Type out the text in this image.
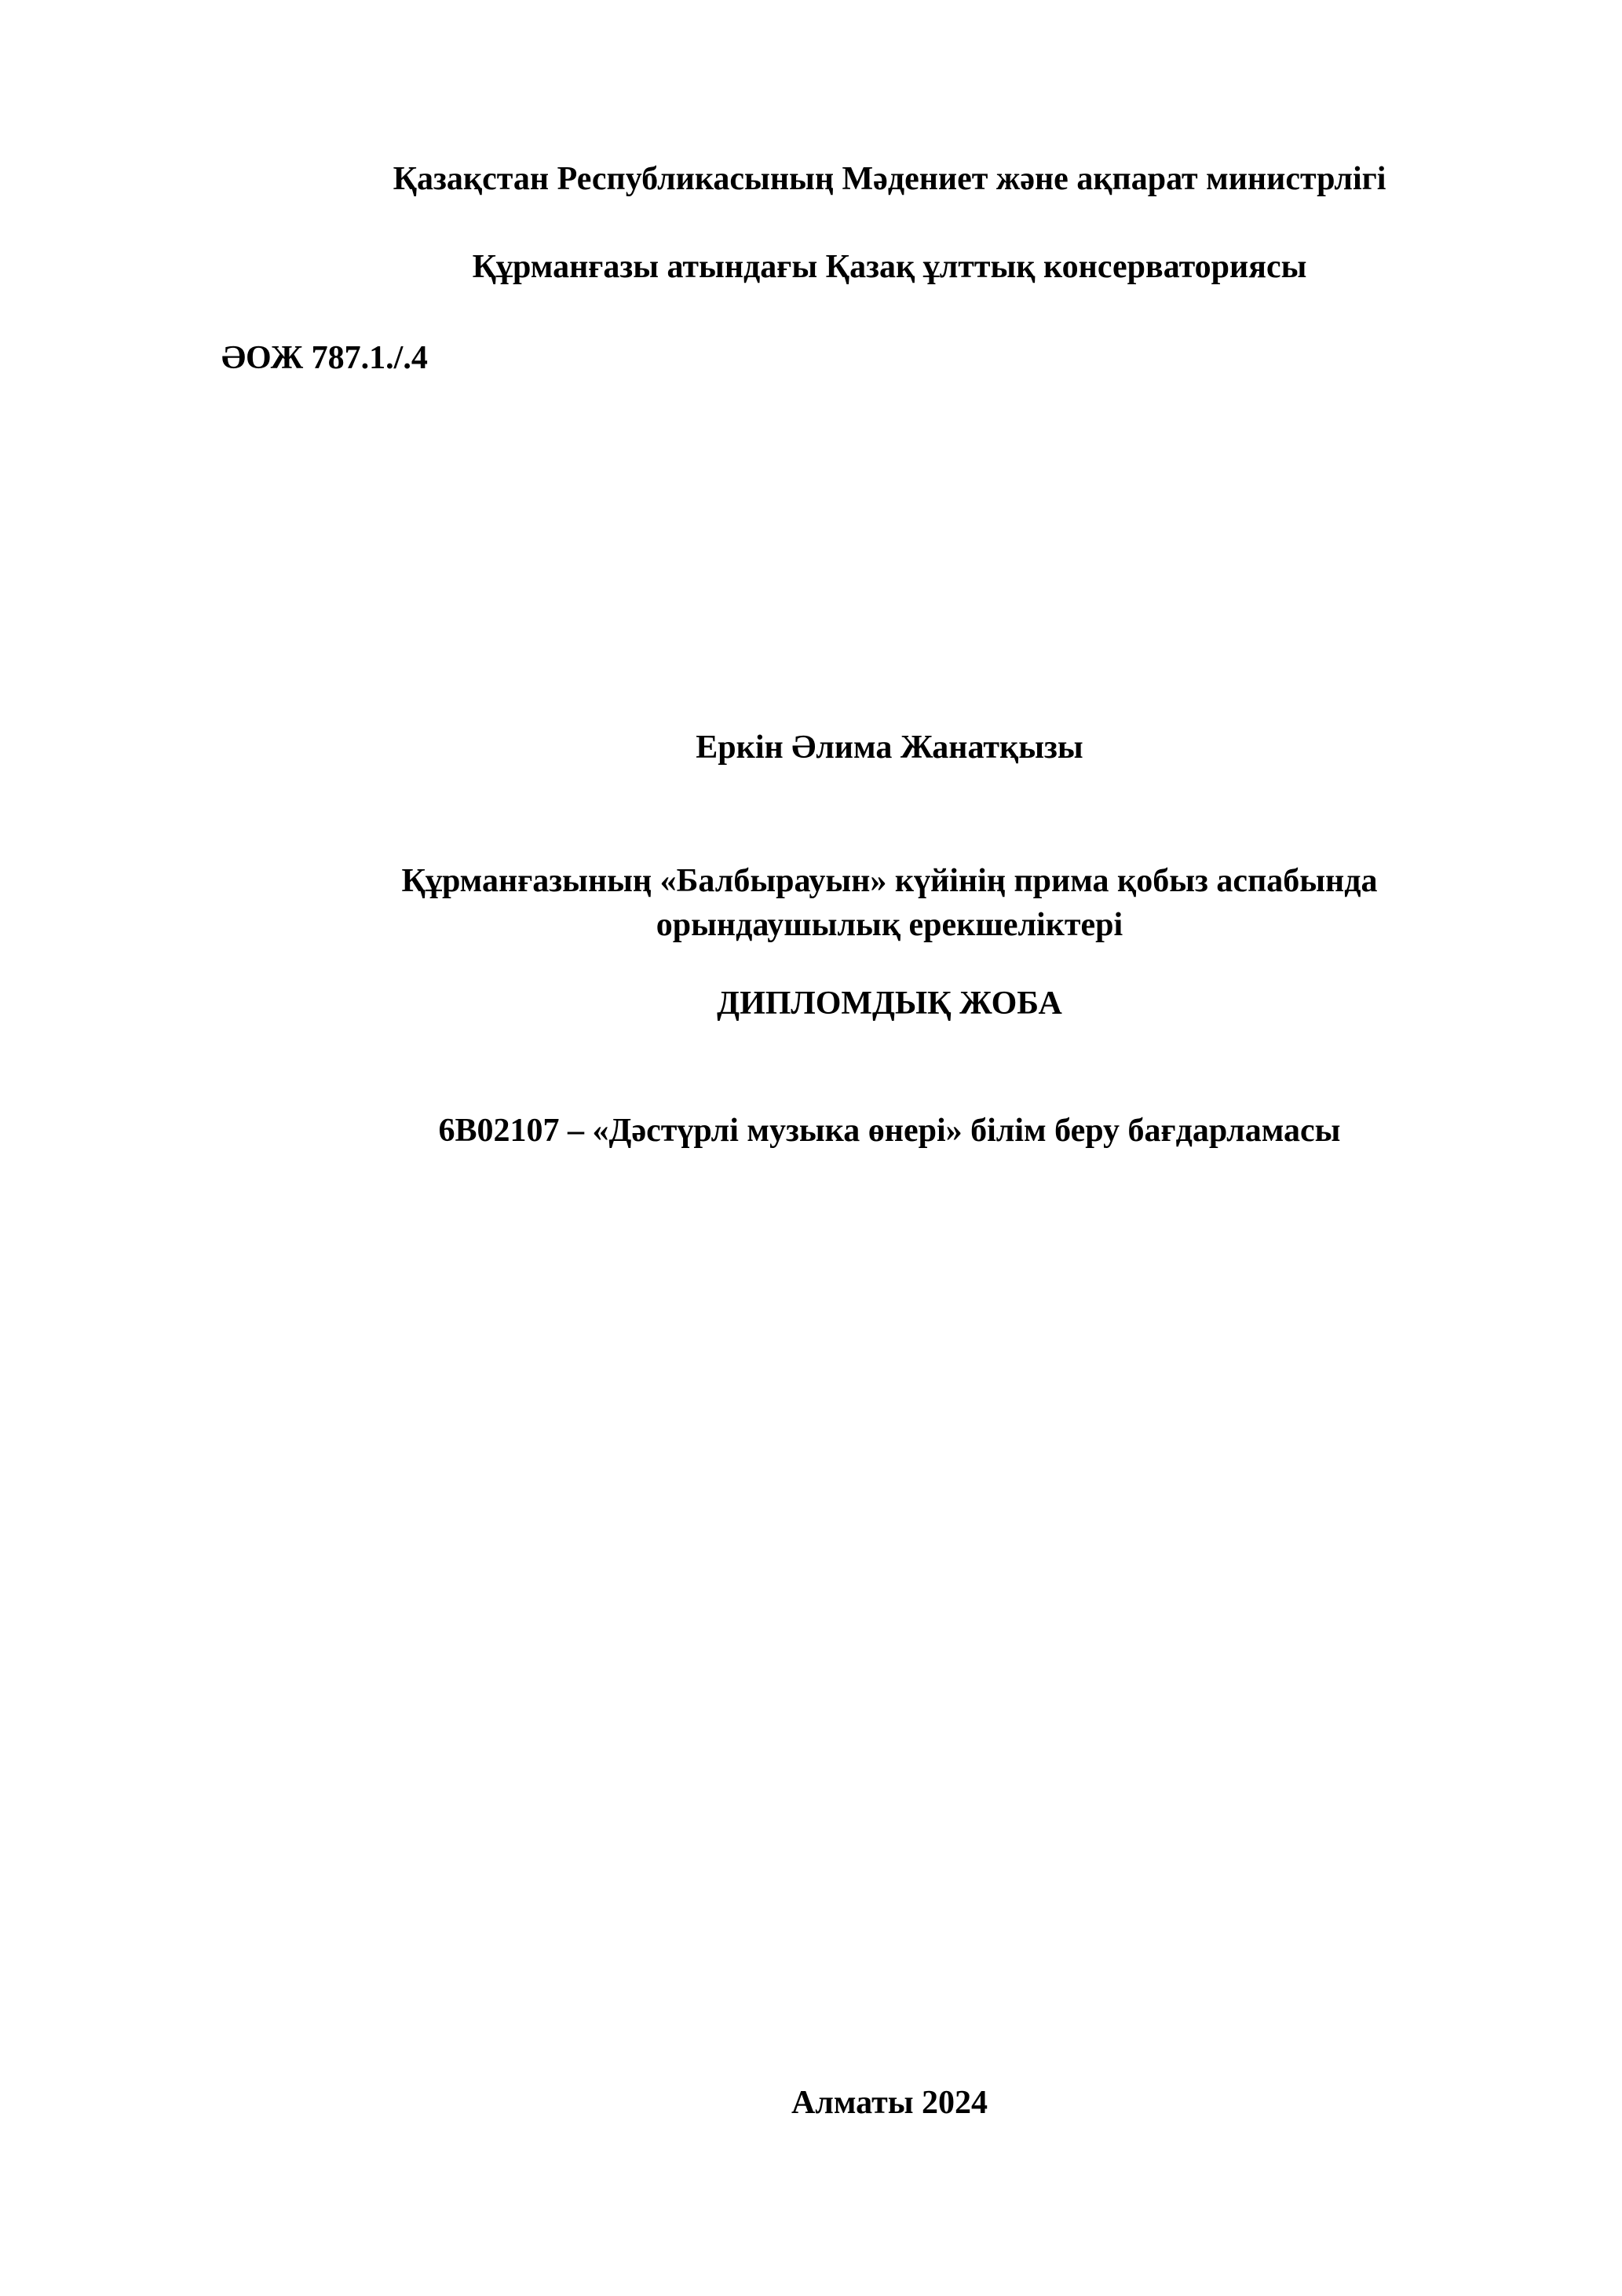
Қазақстан Республикасының Мәдениет және ақпарат министрлігі

Құрманғазы атындағы Қазақ ұлттық консерваториясы

ӘОЖ 787.1./.4

Еркін Әлима Жанатқызы

Құрманғазының «Балбырауын» күйінің прима қобыз аспабында
орындаушылық ерекшеліктері

ДИПЛОМДЫҚ ЖОБА

6В02107 – «Дәстүрлі музыка өнері» білім беру бағдарламасы

Алматы 2024
